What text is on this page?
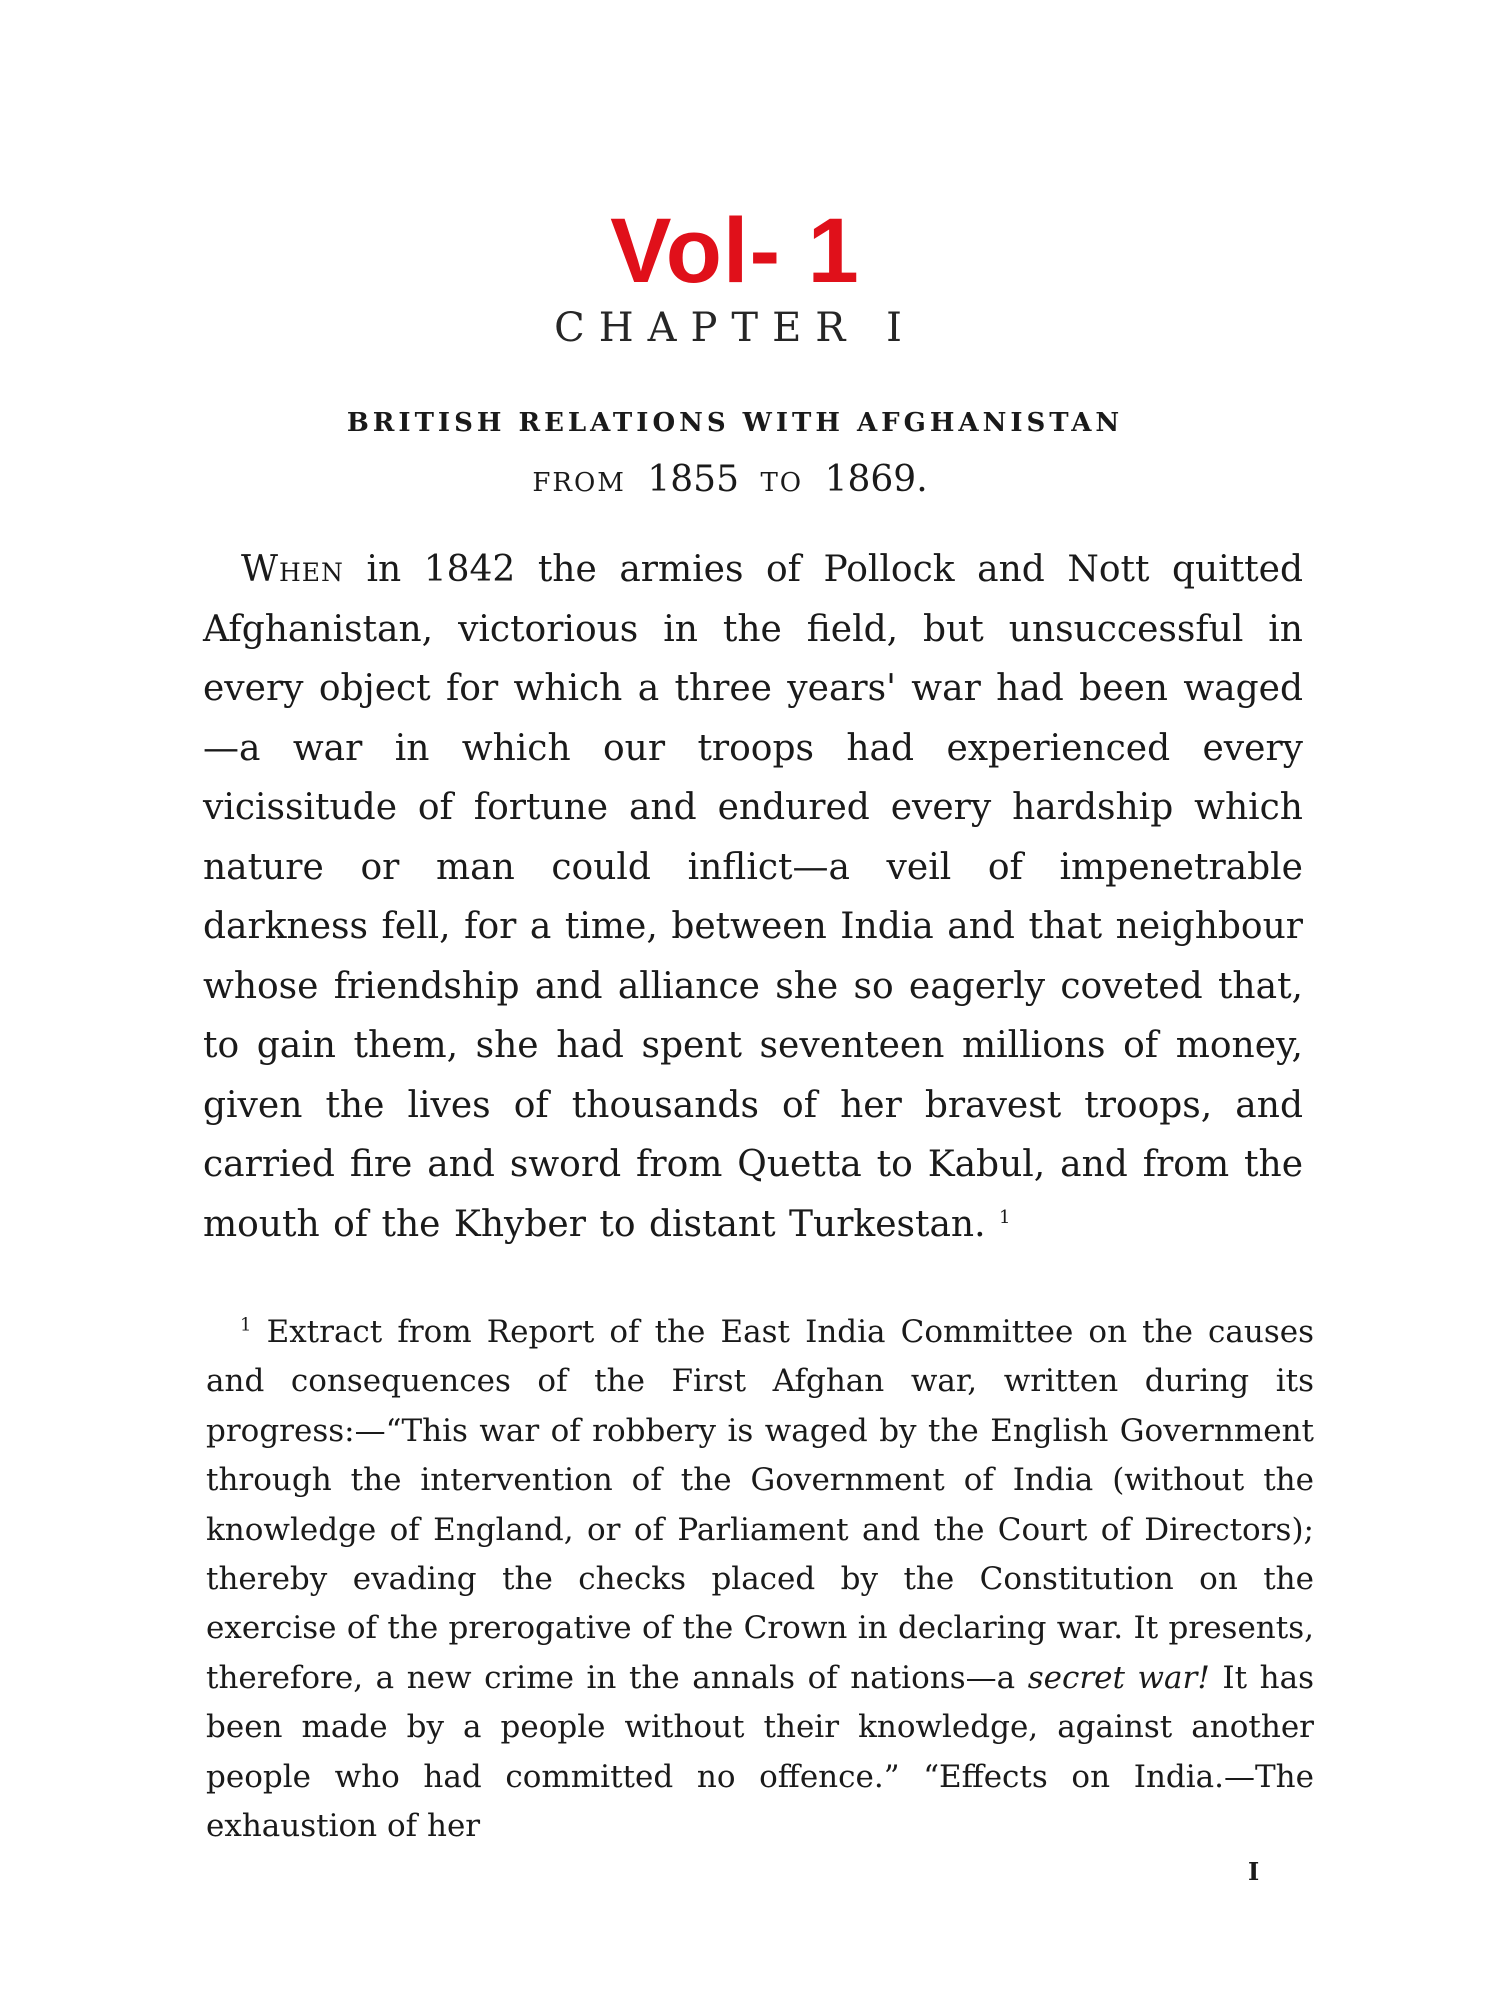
Vol- 1
CHAPTER I
BRITISH RELATIONS WITH AFGHANISTAN
FROM 1855 TO 1869.

When in 1842 the armies of Pollock and Nott quitted Afghanistan, victorious in the field, but unsuccessful in every object for which a three years' war had been waged—a war in which our troops had experienced every vicissitude of fortune and endured every hardship which nature or man could inflict—a veil of impenetrable darkness fell, for a time, between India and that neighbour whose friendship and alliance she so eagerly coveted that, to gain them, she had spent seventeen millions of money, given the lives of thousands of her bravest troops, and carried fire and sword from Quetta to Kabul, and from the mouth of the Khyber to distant Turkestan. $^1$

$^1$ Extract from Report of the East India Committee on the causes and consequences of the First Afghan war, written during its progress:—“This war of robbery is waged by the English Government through the intervention of the Government of India (without the knowledge of England, or of Parliament and the Court of Directors); thereby evading the checks placed by the Constitution on the exercise of the prerogative of the Crown in declaring war. It presents, therefore, a new crime in the annals of nations—a secret war! It has been made by a people without their knowledge, against another people who had committed no offence.” “Effects on India.—The exhaustion of her

I
